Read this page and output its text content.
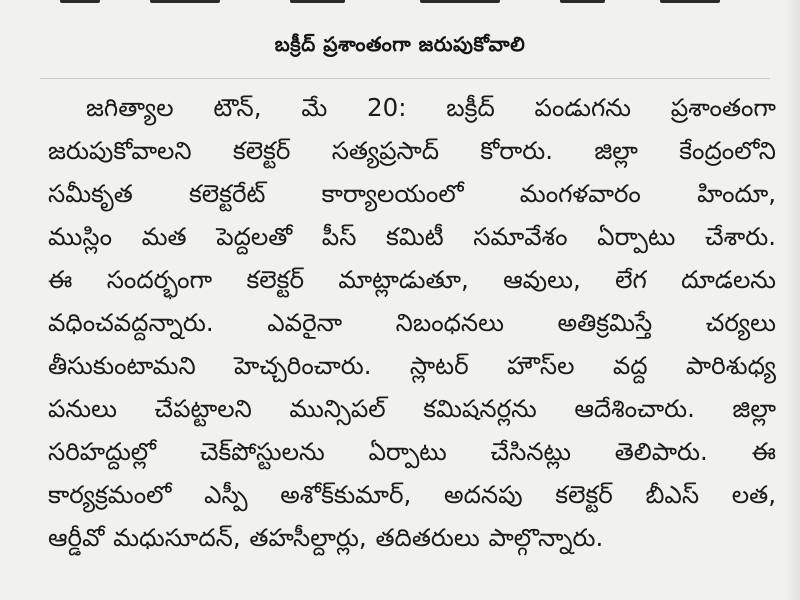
బక్రీద్ ప్రశాంతంగా జరుపుకోవాలి
జగిత్యాల టౌన్, మే 20: బక్రీద్ పండుగను ప్రశాంతంగా
జరుపుకోవాలని కలెక్టర్ సత్యప్రసాద్ కోరారు. జిల్లా కేంద్రంలోని
సమీకృత కలెక్టరేట్ కార్యాలయంలో మంగళవారం హిందూ,
ముస్లిం మత పెద్దలతో పీస్ కమిటీ సమావేశం ఏర్పాటు చేశారు.
ఈ సందర్భంగా కలెక్టర్ మాట్లాడుతూ, ఆవులు, లేగ దూడలను
వధించవద్దన్నారు. ఎవరైనా నిబంధనలు అతిక్రమిస్తే చర్యలు
తీసుకుంటామని హెచ్చరించారు. స్లాటర్ హౌస్‌ల వద్ద పారిశుధ్య
పనులు చేపట్టాలని మున్సిపల్ కమిషనర్లను ఆదేశించారు. జిల్లా
సరిహద్దుల్లో చెక్‌పోస్టులను ఏర్పాటు చేసినట్లు తెలిపారు. ఈ
కార్యక్రమంలో ఎస్పీ అశోక్‌కుమార్, అదనపు కలెక్టర్ బీఎస్ లత,
ఆర్డీవో మధుసూదన్, తహసీల్దార్లు, తదితరులు పాల్గొన్నారు.
